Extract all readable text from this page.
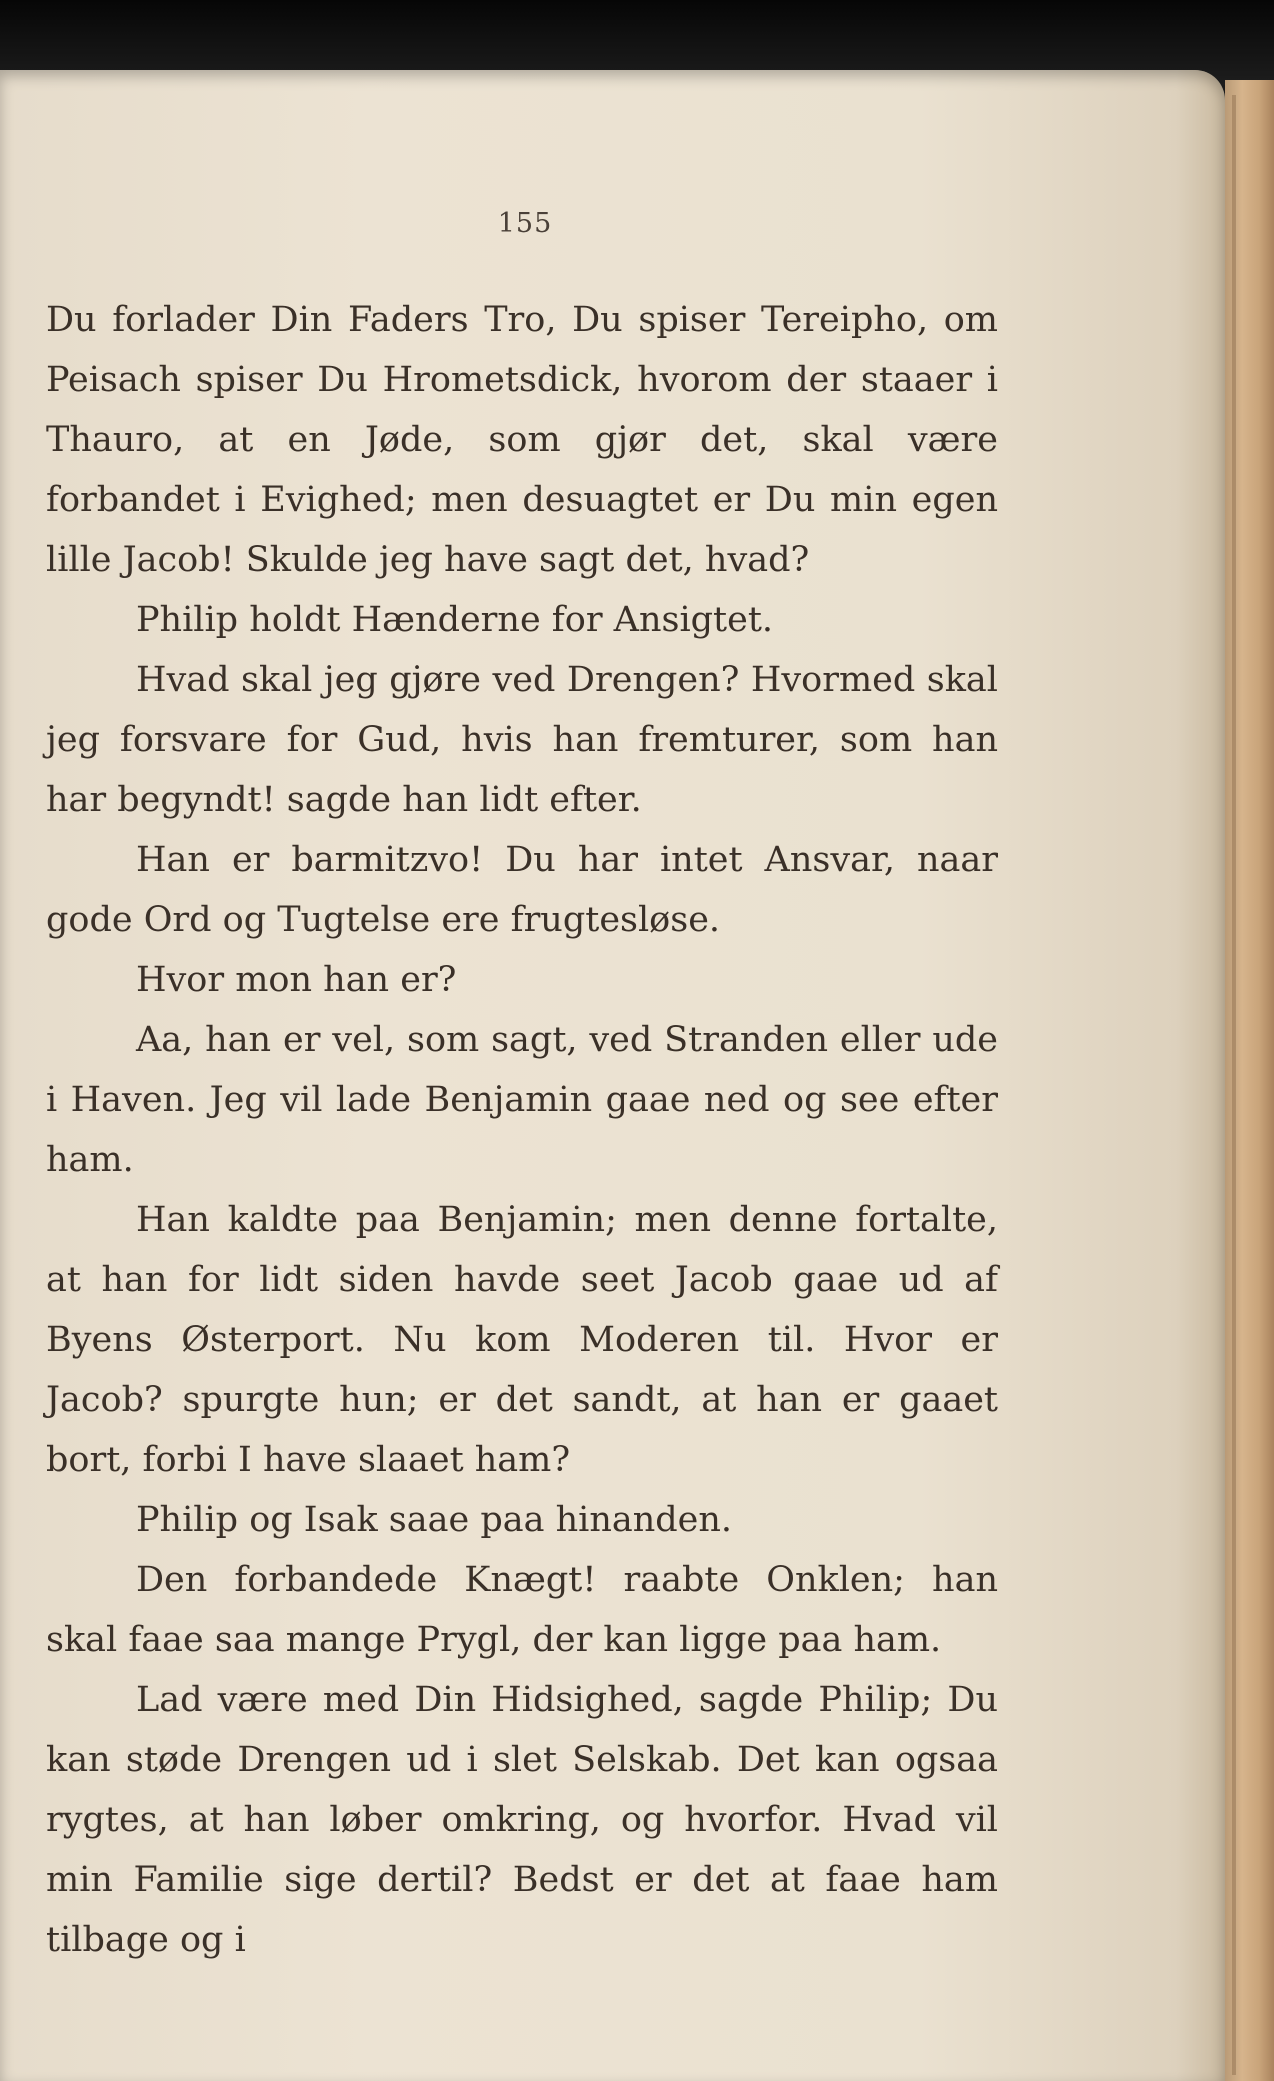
155

Du forlader Din Faders Tro, Du spiser Tereipho, om Peisach spiser Du Hrometsdick, hvorom der staaer i Thauro, at en Jøde, som gjør det, skal være forbandet i Evighed; men desuagtet er Du min egen lille Jacob! Skulde jeg have sagt det, hvad?

Philip holdt Hænderne for Ansigtet.

Hvad skal jeg gjøre ved Drengen? Hvormed skal jeg forsvare for Gud, hvis han fremturer, som han har begyndt! sagde han lidt efter.

Han er barmitzvo! Du har intet Ansvar, naar gode Ord og Tugtelse ere frugtesløse.

Hvor mon han er?

Aa, han er vel, som sagt, ved Stranden eller ude i Haven. Jeg vil lade Benjamin gaae ned og see efter ham.

Han kaldte paa Benjamin; men denne fortalte, at han for lidt siden havde seet Jacob gaae ud af Byens Østerport. Nu kom Moderen til. Hvor er Jacob? spurgte hun; er det sandt, at han er gaaet bort, forbi I have slaaet ham?

Philip og Isak saae paa hinanden.

Den forbandede Knægt! raabte Onklen; han skal faae saa mange Prygl, der kan ligge paa ham.

Lad være med Din Hidsighed, sagde Philip; Du kan støde Drengen ud i slet Selskab. Det kan ogsaa rygtes, at han løber omkring, og hvorfor. Hvad vil min Familie sige dertil? Bedst er det at faae ham tilbage og i
